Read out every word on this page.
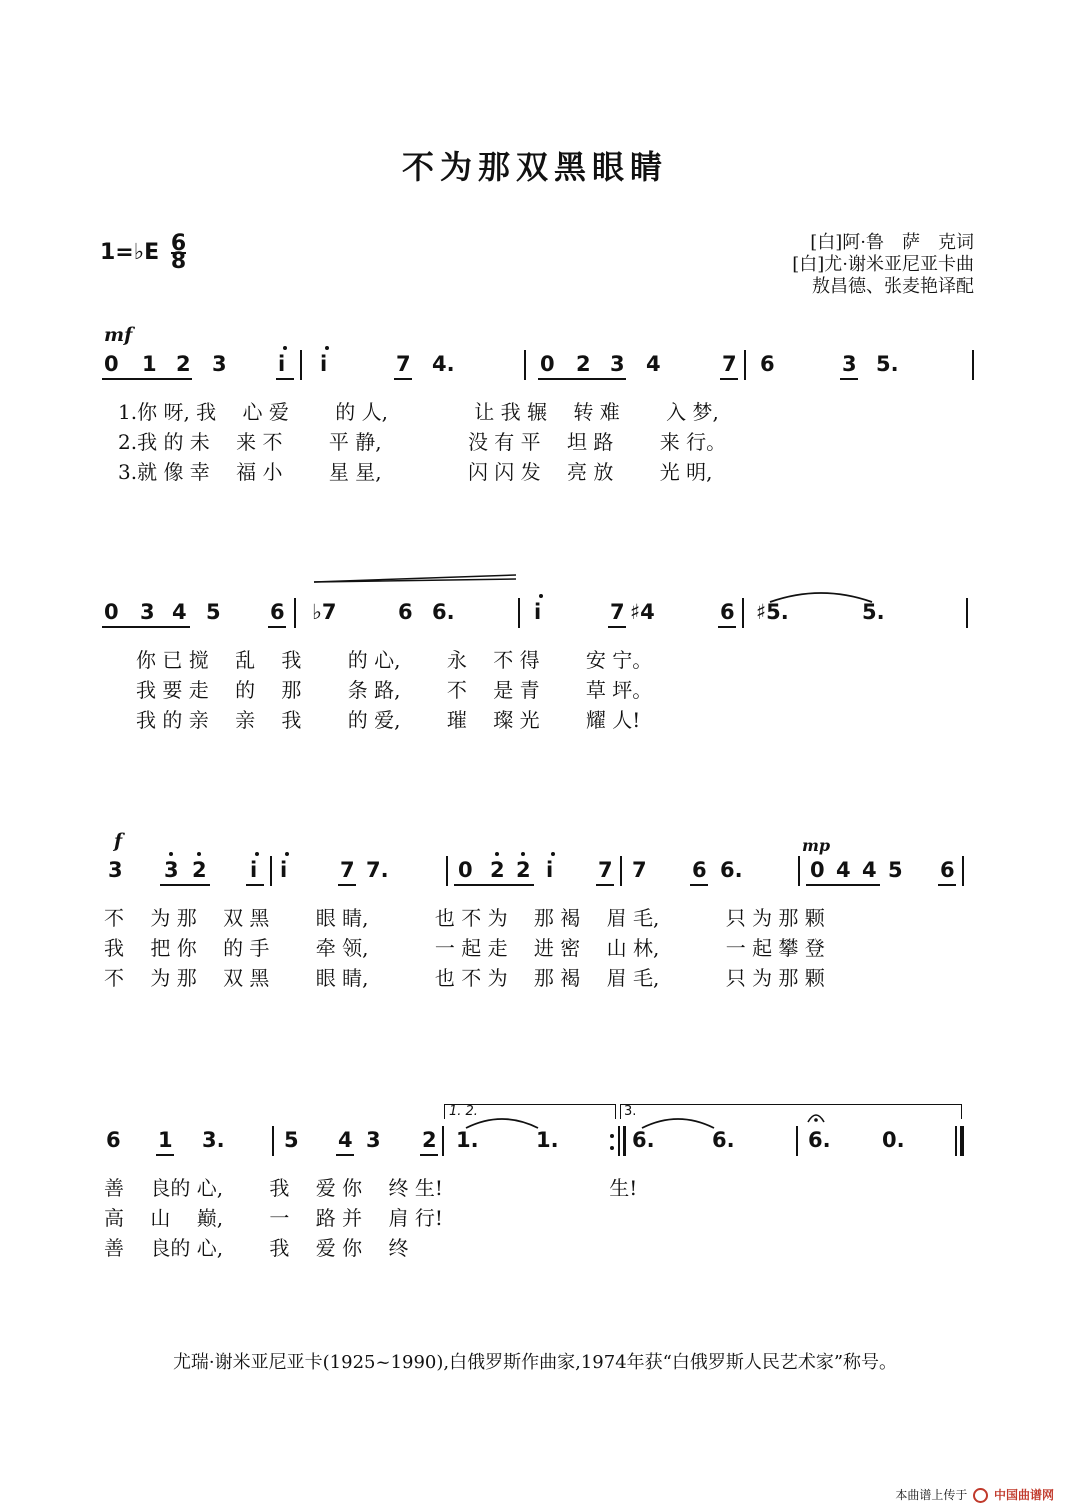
不为那双黑眼睛
1=♭E $\frac{6}{8}$	[白]阿·鲁　萨　克词
[白]尤·谢米亚尼亚卡曲
敖昌德、张麦艳译配
mf
0 1 2 3 i i	7 4.	0 2 3 4	7 6	3 5.
1.你 呀, 我　 心 爱　　 的 人,　　　　 让 我 辗　 转 难　　 入 梦,
2.我 的 未　 来 不　　 平 静,　　　　 没 有 平　 坦 路　　 来 行。
3.就 像 幸　 福 小　　 星 星,　　　　 闪 闪 发　 亮 放　　 光 明,
0 3 4 5 6 ♭7	6 6.	i	7 ♯4	6 ♯5.	5.
你 已 搅　 乱　 我　　 的 心,　　 永　 不 得　　 安 宁。
我 要 走　 的　 那　　 条 路,　　 不　 是 青　　 草 坪。
我 的 亲　 亲　 我　　 的 爱,　　 璀　 璨 光　　 耀 人!
f	mp
3 3 2 i i	7 7.	0 2 2 i 7 7 6 6.	0 4 4 5 6
不　 为 那　 双 黑　　 眼 睛,　　　 也 不 为　 那 褐　 眉 毛,　　　 只 为 那 颗
我　 把 你　 的 手　　 牵 领,　　　 一 起 走　 进 密　 山 林,　　　 一 起 攀 登
不　 为 那　 双 黑　　 眼 睛,　　　 也 不 为　 那 褐　 眉 毛,　　　 只 为 那 颗
1. 2.	3.
6 1 3.	5 4 3 2 1.	1.	6.	6.	6. 0.
善　 良的 心,　　 我　 爱 你　 终 生!　　　　　　　　 生!
高　 山　 巅,　　 一　 路 并　 肩 行!
善　 良的 心,　　 我　 爱 你　 终
尤瑞·谢米亚尼亚卡(1925~1990),白俄罗斯作曲家,1974年获“白俄罗斯人民艺术家”称号。
本曲谱上传于 中国曲谱网
